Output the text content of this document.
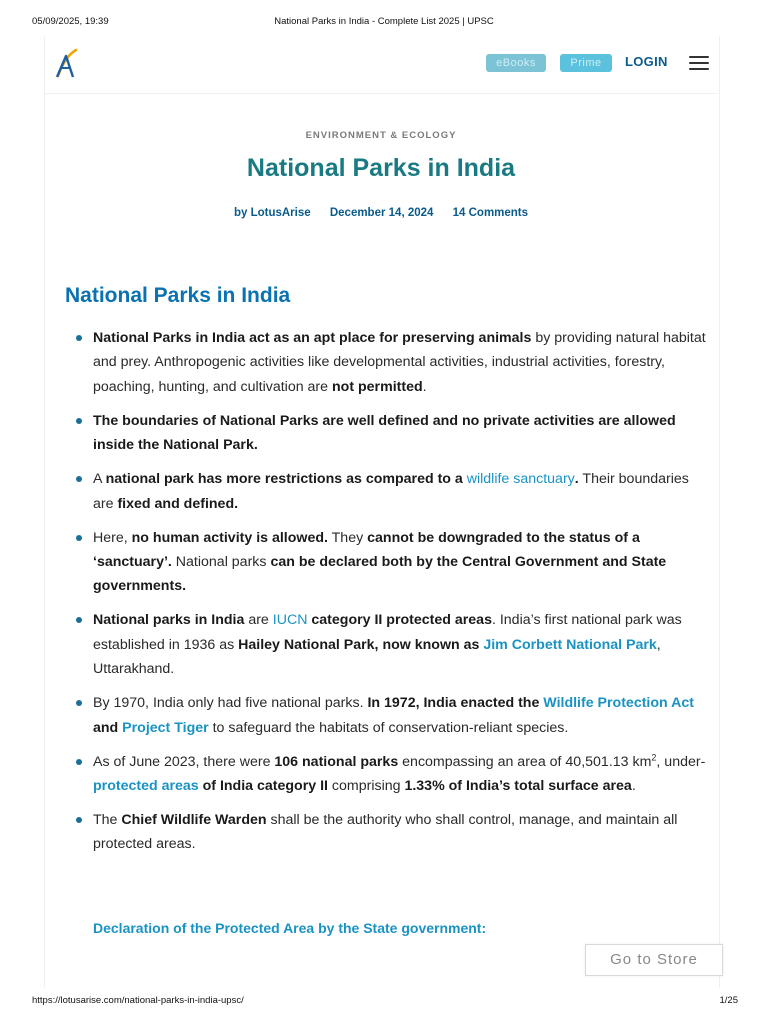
05/09/2025, 19:39	National Parks in India - Complete List 2025 | UPSC
eBooks	Prime	LOGIN
ENVIRONMENT & ECOLOGY
National Parks in India
by LotusArise December 14, 2024 14 Comments
National Parks in India
National Parks in India act as an apt place for preserving animals by providing natural habitat and prey. Anthropogenic activities like developmental activities, industrial activities, forestry, poaching, hunting, and cultivation are not permitted.
The boundaries of National Parks are well defined and no private activities are allowed inside the National Park.
A national park has more restrictions as compared to a wildlife sanctuary. Their boundaries are fixed and defined.
Here, no human activity is allowed. They cannot be downgraded to the status of a ‘sanctuary’. National parks can be declared both by the Central Government and State governments.
National parks in India are IUCN category II protected areas. India’s first national park was established in 1936 as Hailey National Park, now known as Jim Corbett National Park, Uttarakhand.
By 1970, India only had five national parks. In 1972, India enacted the Wildlife Protection Act and Project Tiger to safeguard the habitats of conservation-reliant species.
As of June 2023, there were 106 national parks encompassing an area of 40,501.13 $km^2$, under-protected areas of India category II comprising 1.33% of India’s total surface area.
The Chief Wildlife Warden shall be the authority who shall control, manage, and maintain all protected areas.
Declaration of the Protected Area by the State government:
Go to Store
https://lotusarise.com/national-parks-in-india-upsc/	1/25
